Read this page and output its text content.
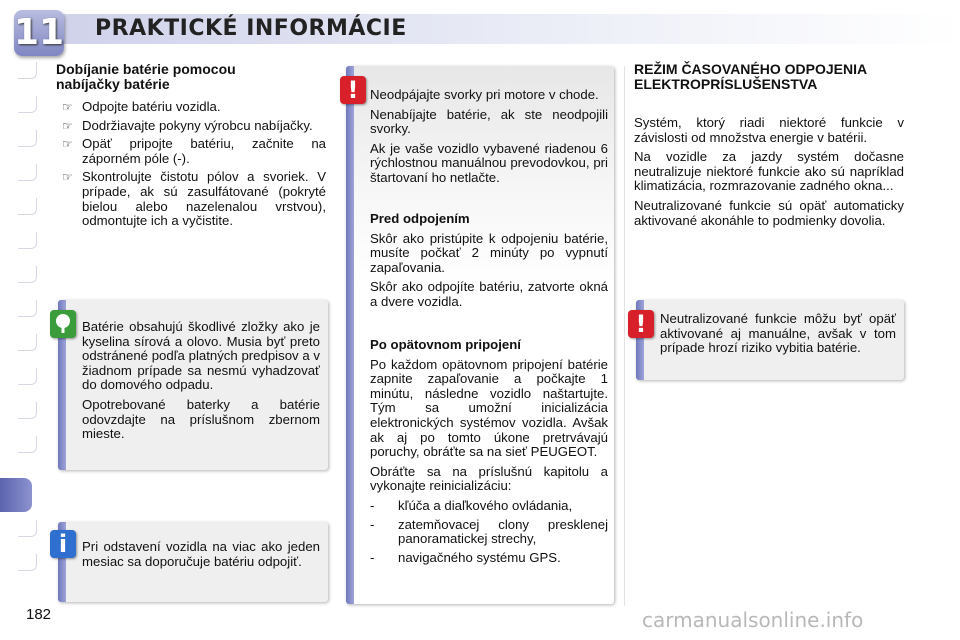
11 PRAKTICKÉ INFORMÁCIE
Dobíjanie batérie pomocou nabíjačky batérie
☞ Odpojte batériu vozidla.
☞ Dodržiavajte pokyny výrobcu nabíjačky.
☞ Opäť pripojte batériu, začnite na záporném póle (-).
☞ Skontrolujte čistotu pólov a svoriek. V prípade, ak sú zasulfátované (pokryté bielou alebo nazelenalou vrstvou), odmontujte ich a vyčistite.

Batérie obsahujú škodlivé zložky ako je kyselina sírová a olovo. Musia byť preto odstránené podľa platných predpisov a v žiadnom prípade sa nesmú vyhadzovať do domového odpadu.

Opotrebované baterky a batérie odovzdajte na príslušnom zbernom mieste.

Pri odstavení vozidla na viac ako jeden mesiac sa doporučuje batériu odpojiť.
i

Neodpájajte svorky pri motore v chode.

Nenabíjajte batérie, ak ste neodpojili svorky.

Ak je vaše vozidlo vybavené riadenou 6 rýchlostnou manuálnou prevodovkou, pri štartovaní ho netlačte.

Pred odpojením

Skôr ako pristúpite k odpojeniu batérie, musíte počkať 2 minúty po vypnutí zapaľovania.

Skôr ako odpojíte batériu, zatvorte okná a dvere vozidla.

Po opätovnom pripojení

Po každom opätovnom pripojení batérie zapnite zapaľovanie a počkajte 1 minútu, následne vozidlo naštartujte. Tým sa umožní inicializácia elektronických systémov vozidla. Avšak ak aj po tomto úkone pretrvávajú poruchy, obráťte sa na sieť PEUGEOT.

Obráťte sa na príslušnú kapitolu a vykonajte reinicializáciu:

- kľúča a diaľkového ovládania,
- zatemňovacej clony presklenej panoramatickej strechy,
- navigačného systému GPS.
!
REŽIM ČASOVANÉHO ODPOJENIA ELEKTROPRÍSLUŠENSTVA

Systém, ktorý riadi niektoré funkcie v závislosti od množstva energie v batérii.

Na vozidle za jazdy systém dočasne neutralizuje niektoré funkcie ako sú napríklad klimatizácia, rozmrazovanie zadného okna...

Neutralizované funkcie sú opäť automaticky aktivované akonáhle to podmienky dovolia.

Neutralizované funkcie môžu byť opäť aktivované aj manuálne, avšak v tom prípade hrozí riziko vybitia batérie.
!
182	carmanualsonline.info
